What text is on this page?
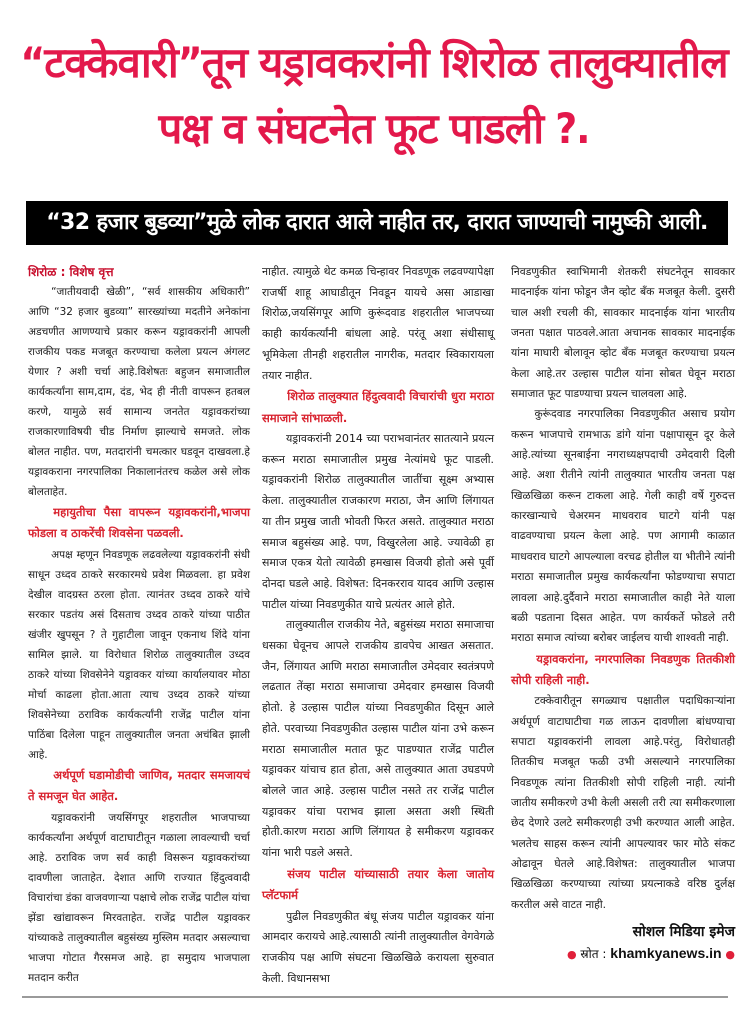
“टक्केवारी”तून यड्रावकरांनी शिरोळ तालुक्यातील
पक्ष व संघटनेत फूट पाडली ?.
“32 हजार बुडव्या”मुळे लोक दारात आले नाहीत तर, दारात जाण्याची नामुष्की आली.

शिरोळ : विशेष वृत्त

“जातीयवादी खेळी”, “सर्व शासकीय अधिकारी” आणि “32 हजार बुडव्या” सारख्यांच्या मदतीने अनेकांना अडचणीत आणण्याचे प्रकार करून यड्रावकरांनी आपली राजकीय पकड मजबूत करण्याचा कलेला प्रयत्न अंगलट येणार ? अशी चर्चा आहे.विशेषतः बहुजन समाजातील कार्यकर्त्यांना साम,दाम, दंड, भेद ही नीती वापरून हतबल करणे, यामुळे सर्व सामान्य जनतेत यड्रावकरांच्या राजकारणाविषयी चीड निर्माण झाल्याचे समजते. लोक बोलत नाहीत. पण, मतदारांनी चमत्कार घडवून दाखवला.हे यड्रावकराना नगरपालिका निकालानंतरच कळेल असे लोक बोलताहेत.

महायुतीचा पैसा वापरून यड्रावकरांनी,भाजपा फोडला व ठाकरेंची शिवसेना पळवली.

अपक्ष म्हणून निवडणूक लढवलेल्या यड्रावकरांनी संधी साधून उध्दव ठाकरे सरकारमधे प्रवेश मिळवला. हा प्रवेश देखील वादग्रस्त ठरला होता. त्यानंतर उध्दव ठाकरे यांचे सरकार पडतंय असं दिसताच उध्दव ठाकरे यांच्या पाठीत खंजीर खुपसून ? ते गुहाटीला जावून एकनाथ शिंदे यांना सामिल झाले. या विरोधात शिरोळ तालुक्यातील उध्दव ठाकरे यांच्या शिवसेनेने यड्रावकर यांच्या कार्यालयावर मोठा मोर्चा काढला होता.आता त्याच उध्दव ठाकरे यांच्या शिवसेनेच्या ठराविक कार्यकर्त्यांनी राजेंद्र पाटील यांना पाठिंबा दिलेला पाहून तालुक्यातील जनता अचंबित झाली आहे.

अर्थपूर्ण घडामोडीची जाणिव, मतदार समजायचं ते समजून घेत आहेत.

यड्रावकरांनी जयसिंगपूर शहरातील भाजपाच्या कार्यकर्त्यांना अर्थपूर्ण वाटाघाटीतून गळाला लावल्याची चर्चा आहे. ठराविक जण सर्व काही विसरून यड्रावकरांच्या दावणीला जाताहेत. देशात आणि राज्यात हिंदुत्ववादी विचारांचा डंका वाजवणाऱ्या पक्षाचे लोक राजेंद्र पाटील यांचा झेंडा खांद्यावरून मिरवताहेत. राजेंद्र पाटील यड्रावकर यांच्याकडे तालुक्यातील बहुसंख्य मुस्लिम मतदार असल्याचा भाजपा गोटात गैरसमज आहे. हा समुदाय भाजपाला मतदान करीत

नाहीत. त्यामुळे थेट कमळ चिन्हावर निवडणूक लढवण्यापेक्षा राजर्षी शाहू आघाडीतून निवडून यायचे असा आडाखा शिरोळ,जयसिंगपूर आणि कुरूंदवाड शहरातील भाजपच्या काही कार्यकर्त्यांनी बांधला आहे. परंतू अशा संधीसाधू भूमिकेला तीनही शहरातील नागरीक, मतदार स्विकारायला तयार नाहीत.

शिरोळ तालुक्यात हिंदुत्ववादी विचारांची धुरा मराठा समाजाने सांभाळली.

यड्रावकरांनी 2014 च्या पराभवानंतर सातत्याने प्रयत्न करून मराठा समाजातील प्रमुख नेत्यांमधे फूट पाडली. यड्रावकरांनी शिरोळ तालुक्यातील जातींचा सूक्ष्म अभ्यास केला. तालुक्यातील राजकारण मराठा, जैन आणि लिंगायत या तीन प्रमुख जाती भोवती फिरत असते. तालुक्यात मराठा समाज बहुसंख्य आहे. पण, विखुरलेला आहे. ज्यावेळी हा समाज एकत्र येतो त्यावेळी हमखास विजयी होतो असे पूर्वी दोनदा घडले आहे. विशेषत: दिनकरराव यादव आणि उल्हास पाटील यांच्या निवडणुकीत याचे प्रत्यंतर आले होते.

तालुक्यातील राजकीय नेते, बहुसंख्य मराठा समाजाचा धसका घेवूनच आपले राजकीय डावपेच आखत असतात. जैन, लिंगायत आणि मराठा समाजातील उमेदवार स्वतंत्रपणे लढतात तेंव्हा मराठा समाजाचा उमेदवार हमखास विजयी होतो. हे उल्हास पाटील यांच्या निवडणुकीत दिसून आले होते. परवाच्या निवडणुकीत उल्हास पाटील यांना उभे करून मराठा समाजातील मतात फूट पाडण्यात राजेंद्र पाटील यड्रावकर यांचाच हात होता, असे तालुक्यात आता उघडपणे बोलले जात आहे. उल्हास पाटील नसते तर राजेंद्र पाटील यड्रावकर यांचा पराभव झाला असता अशी स्थिती होती.कारण मराठा आणि लिंगायत हे समीकरण यड्रावकर यांना भारी पडले असते.

संजय पाटील यांच्यासाठी तयार केला जातोय प्लॅटफार्म

पुढील निवडणुकीत बंधू संजय पाटील यड्रावकर यांना आमदार करायचे आहे.त्यासाठी त्यांनी तालुक्यातील वेगवेगळे राजकीय पक्ष आणि संघटना खिळखिळे करायला सुरुवात केली. विधानसभा

निवडणुकीत स्वाभिमानी शेतकरी संघटनेतून सावकार मादनाईक यांना फोडून जैन व्होट बँक मजबूत केली. दुसरी चाल अशी रचली की, सावकार मादनाईक यांना भारतीय जनता पक्षात पाठवले.आता अचानक सावकार मादनाईक यांना माघारी बोलावून व्होट बँक मजबूत करण्याचा प्रयत्न केला आहे.तर उल्हास पाटील यांना सोबत घेवून मराठा समाजात फूट पाडण्याचा प्रयत्न चालवला आहे.

कुरूंदवाड नगरपालिका निवडणुकीत असाच प्रयोग करून भाजपाचे रामभाऊ डांगे यांना पक्षापासून दूर केले आहे.त्यांच्या सूनबाईना नगराध्यक्षपदाची उमेदवारी दिली आहे. अशा रीतीने त्यांनी तालुक्यात भारतीय जनता पक्ष खिळखिळा करून टाकला आहे. गेली काही वर्षे गुरुदत्त कारखान्याचे चेअरमन माधवराव घाटगे यांनी पक्ष वाढवण्याचा प्रयत्न केला आहे. पण आगामी काळात माधवराव घाटगे आपल्याला वरचढ होतील या भीतीने त्यांनी मराठा समाजातील प्रमुख कार्यकर्त्यांना फोडण्याचा सपाटा लावला आहे.दुर्दैवाने मराठा समाजातील काही नेते याला बळी पडताना दिसत आहेत. पण कार्यकर्ते फोडले तरी मराठा समाज त्यांच्या बरोबर जाईलच याची शाश्वती नाही.

यड्रावकरांना, नगरपालिका निवडणुक तितकीशी सोपी राहिली नाही.

टक्केवारीतून सगळ्याच पक्षातील पदाधिकाऱ्यांना अर्थपूर्ण वाटाघाटीचा गळ लाऊन दावणीला बांधण्याचा सपाटा यड्रावकरांनी लावला आहे.परंतु, विरोधातही तितकीच मजबूत फळी उभी असल्याने नगरपालिका निवडणूक त्यांना तितकीशी सोपी राहिली नाही. त्यांनी जातीय समीकरणे उभी केली असली तरी त्या समीकरणाला छेद देणारे उलटे समीकरणही उभी करण्यात आली आहेत. भलतेच साहस करून त्यांनी आपल्यावर फार मोठे संकट ओढावून घेतले आहे.विशेषत: तालुक्यातील भाजपा खिळखिळा करण्याच्या त्यांच्या प्रयत्नाकडे वरिष्ठ दुर्लक्ष करतील असे वाटत नाही.

सोशल मिडिया इमेज
● स्रोत : khamkyanews.in ●
